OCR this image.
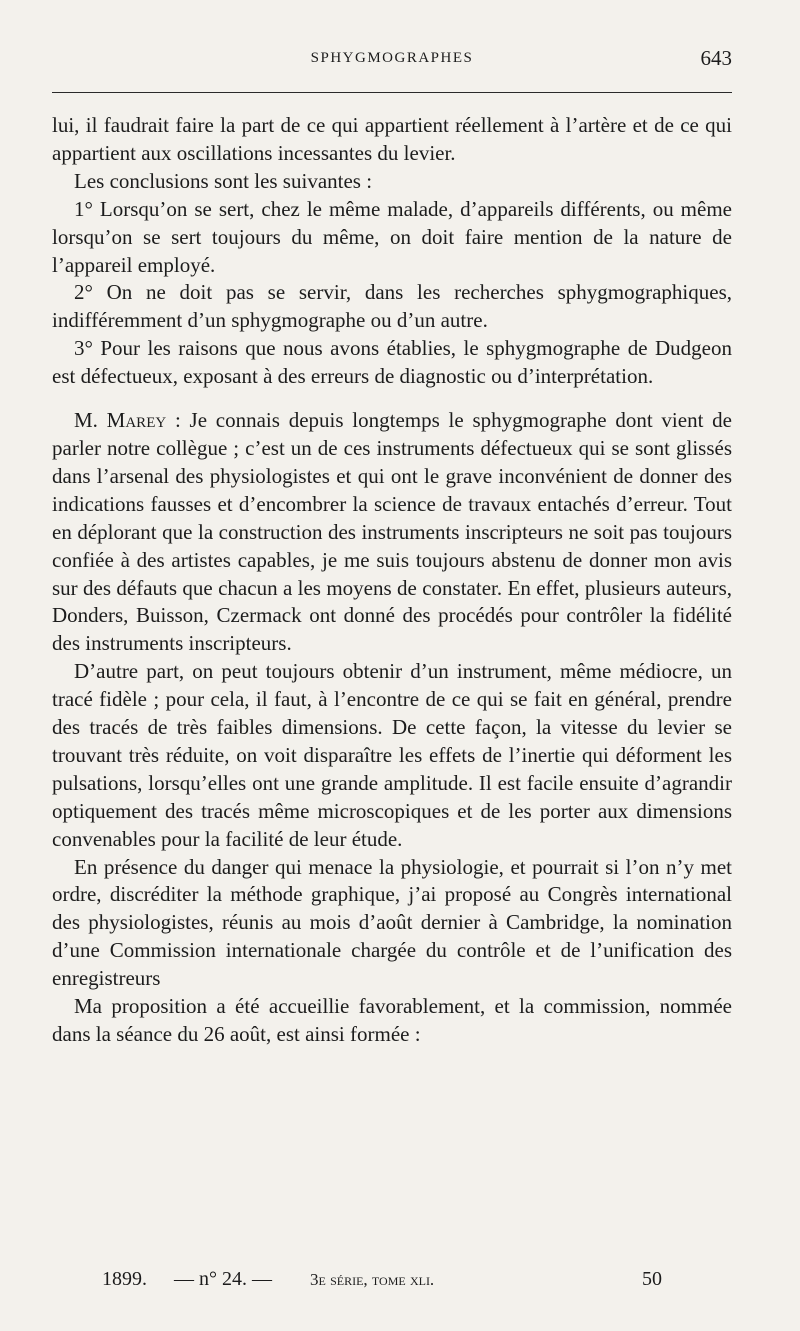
SPHYGMOGRAPHES	643

lui, il faudrait faire la part de ce qui appartient réellement à l’artère et de ce qui appartient aux oscillations incessantes du levier.

Les conclusions sont les suivantes :

1° Lorsqu’on se sert, chez le même malade, d’appareils différents, ou même lorsqu’on se sert toujours du même, on doit faire mention de la nature de l’appareil employé.

2° On ne doit pas se servir, dans les recherches sphygmographiques, indifféremment d’un sphygmographe ou d’un autre.

3° Pour les raisons que nous avons établies, le sphygmographe de Dudgeon est défectueux, exposant à des erreurs de diagnostic ou d’interprétation.

M. Marey : Je connais depuis longtemps le sphygmographe dont vient de parler notre collègue ; c’est un de ces instruments défectueux qui se sont glissés dans l’arsenal des physiologistes et qui ont le grave inconvénient de donner des indications fausses et d’encombrer la science de travaux entachés d’erreur. Tout en déplorant que la construction des instruments inscripteurs ne soit pas toujours confiée à des artistes capables, je me suis toujours abstenu de donner mon avis sur des défauts que chacun a les moyens de constater. En effet, plusieurs auteurs, Donders, Buisson, Czermack ont donné des procédés pour contrôler la fidélité des instruments inscripteurs.

D’autre part, on peut toujours obtenir d’un instrument, même médiocre, un tracé fidèle ; pour cela, il faut, à l’encontre de ce qui se fait en général, prendre des tracés de très faibles dimensions. De cette façon, la vitesse du levier se trouvant très réduite, on voit disparaître les effets de l’inertie qui déforment les pulsations, lorsqu’elles ont une grande amplitude. Il est facile ensuite d’agrandir optiquement des tracés même microscopiques et de les porter aux dimensions convenables pour la facilité de leur étude.

En présence du danger qui menace la physiologie, et pourrait si l’on n’y met ordre, discréditer la méthode graphique, j’ai proposé au Congrès international des physiologistes, réunis au mois d’août dernier à Cambridge, la nomination d’une Commission internationale chargée du contrôle et de l’unification des enregistreurs

Ma proposition a été accueillie favorablement, et la commission, nommée dans la séance du 26 août, est ainsi formée :

1899. — n° 24. — 3e série, tome xli.	50
